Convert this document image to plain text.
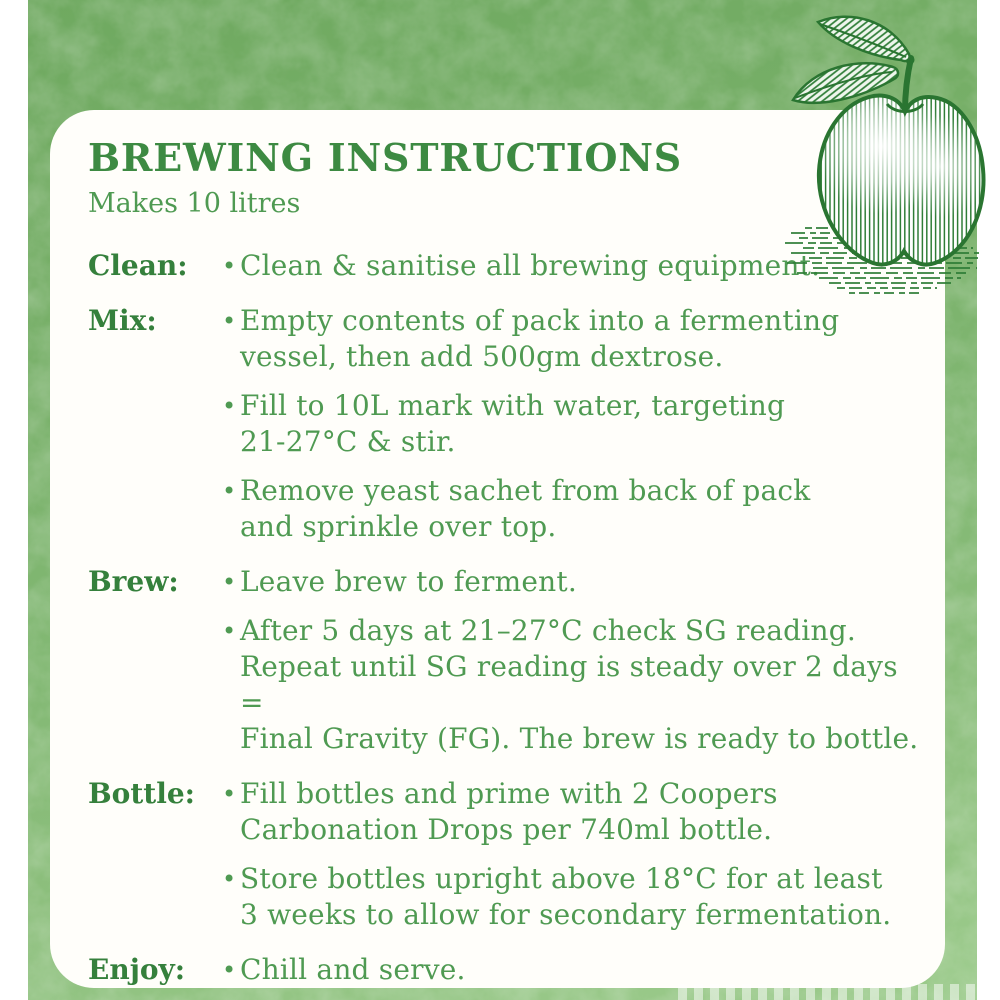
BREWING INSTRUCTIONS
Makes 10 litres
Clean:	• Clean & sanitise all brewing equipment.
Mix:	• Empty contents of pack into a fermenting
vessel, then add 500gm dextrose.
• Fill to 10L mark with water, targeting
21-27°C & stir.
• Remove yeast sachet from back of pack
and sprinkle over top.
Brew:	• Leave brew to ferment.
• After 5 days at 21–27°C check SG reading.
Repeat until SG reading is steady over 2 days =
Final Gravity (FG). The brew is ready to bottle.
Bottle:	• Fill bottles and prime with 2 Coopers
Carbonation Drops per 740ml bottle.
• Store bottles upright above 18°C for at least
3 weeks to allow for secondary fermentation.
Enjoy:	• Chill and serve.
